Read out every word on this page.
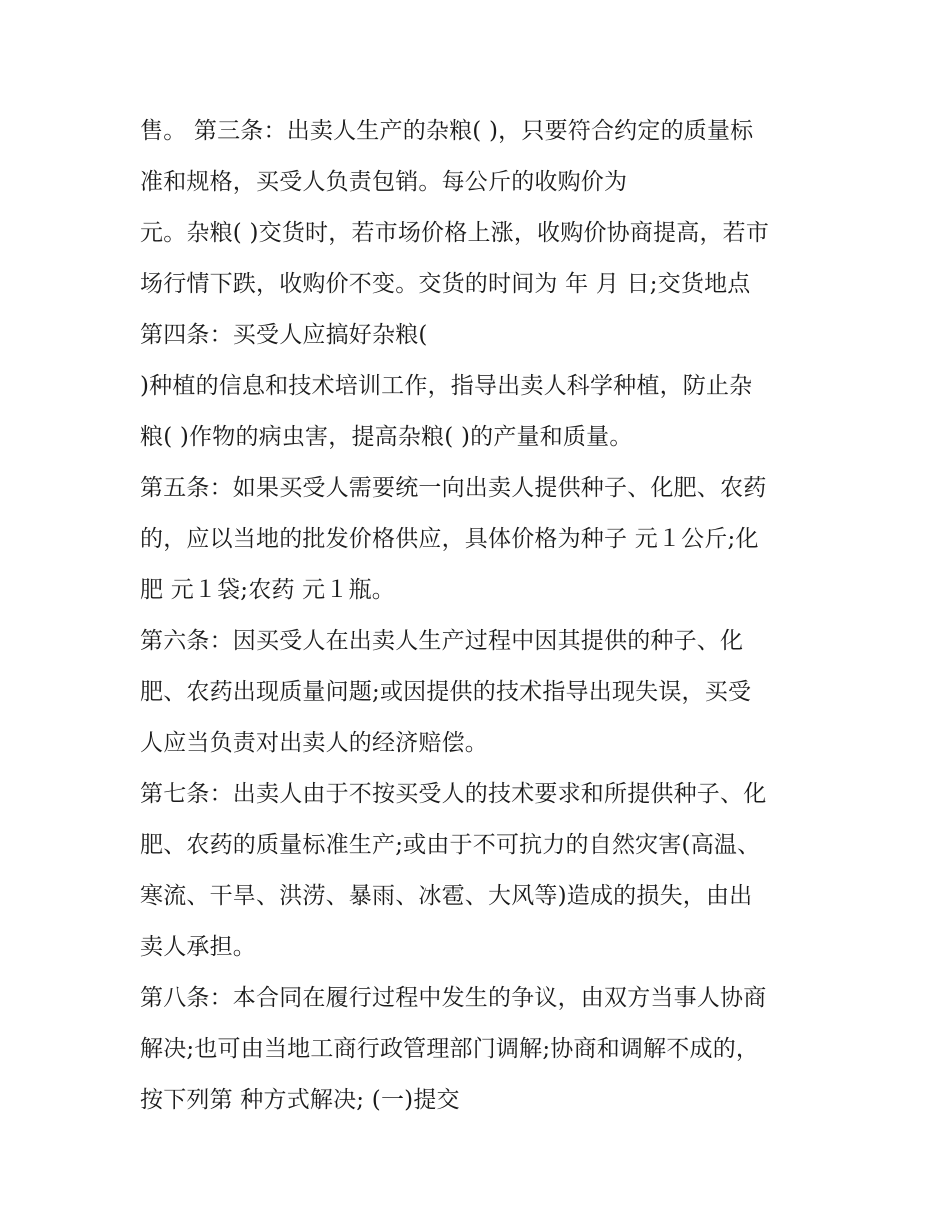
售。 第三条：出卖人生产的杂粮( )，只要符合约定的质量标
准和规格，买受人负责包销。每公斤的收购价为
元。杂粮( )交货时，若市场价格上涨，收购价协商提高，若市
场行情下跌，收购价不变。交货的时间为 年 月 日;交货地点
第四条：买受人应搞好杂粮(
)种植的信息和技术培训工作，指导出卖人科学种植，防止杂
粮( )作物的病虫害，提高杂粮( )的产量和质量。
第五条：如果买受人需要统一向出卖人提供种子、化肥、农药
的，应以当地的批发价格供应，具体价格为种子 元１公斤;化
肥 元１袋;农药 元１瓶。
第六条：因买受人在出卖人生产过程中因其提供的种子、化
肥、农药出现质量问题;或因提供的技术指导出现失误，买受
人应当负责对出卖人的经济赔偿。
第七条：出卖人由于不按买受人的技术要求和所提供种子、化
肥、农药的质量标准生产;或由于不可抗力的自然灾害(高温、
寒流、干旱、洪涝、暴雨、冰雹、大风等)造成的损失，由出
卖人承担。
第八条：本合同在履行过程中发生的争议，由双方当事人协商
解决;也可由当地工商行政管理部门调解;协商和调解不成的，
按下列第 种方式解决; (一)提交
